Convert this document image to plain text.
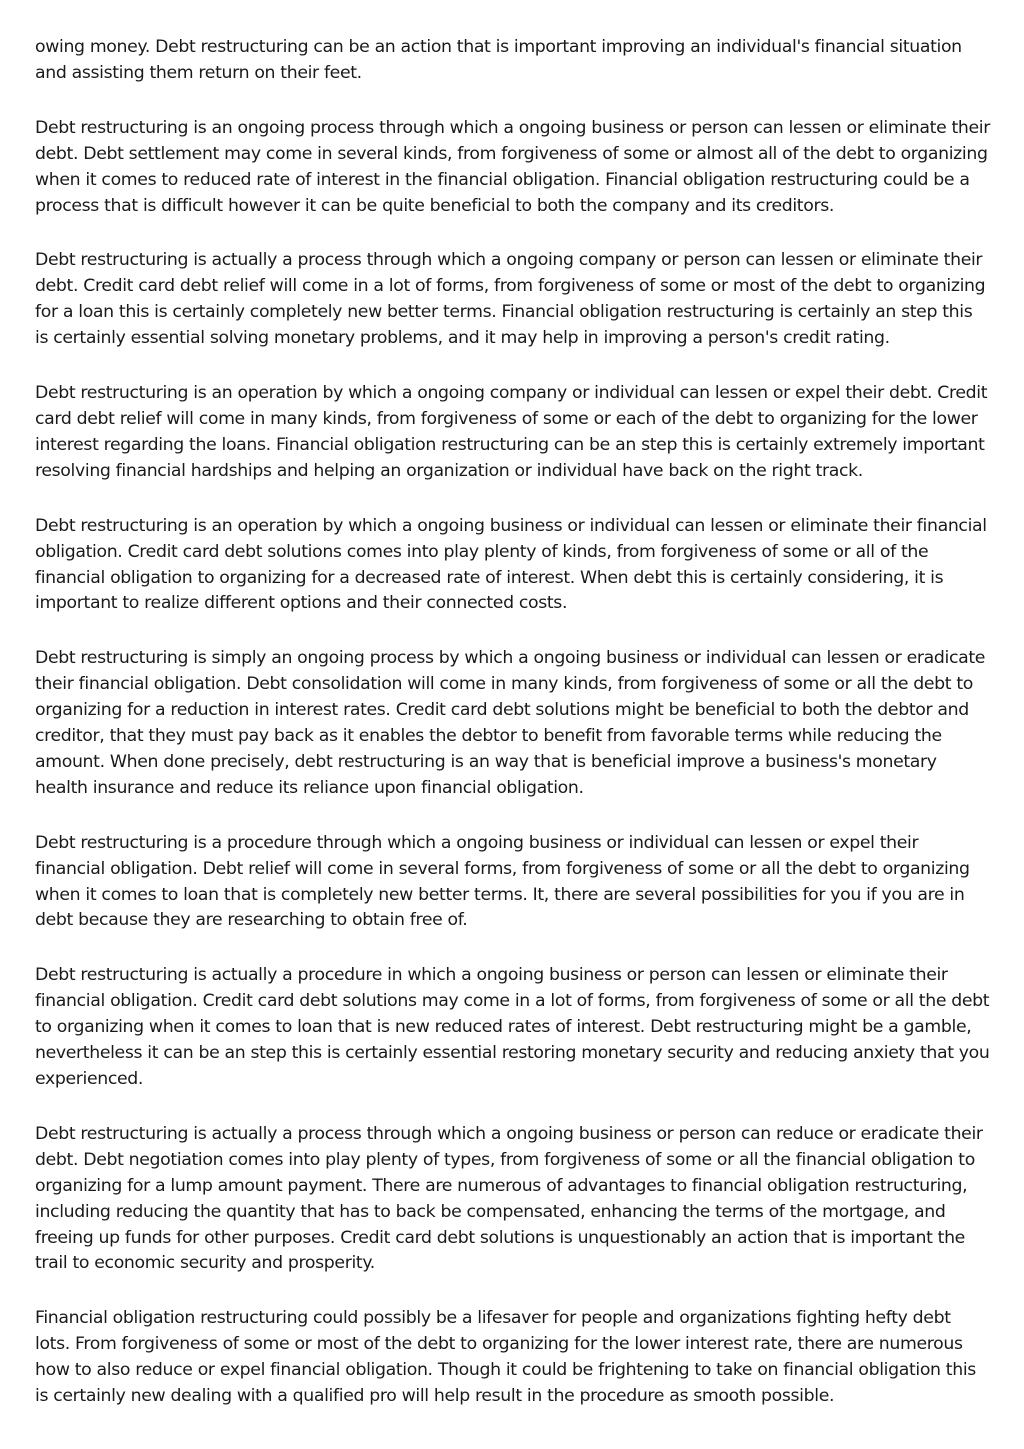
owing money. Debt restructuring can be an action that is important improving an individual's financial situation and assisting them return on their feet.

Debt restructuring is an ongoing process through which a ongoing business or person can lessen or eliminate their debt. Debt settlement may come in several kinds, from forgiveness of some or almost all of the debt to organizing when it comes to reduced rate of interest in the financial obligation. Financial obligation restructuring could be a process that is difficult however it can be quite beneficial to both the company and its creditors.

Debt restructuring is actually a process through which a ongoing company or person can lessen or eliminate their debt. Credit card debt relief will come in a lot of forms, from forgiveness of some or most of the debt to organizing for a loan this is certainly completely new better terms. Financial obligation restructuring is certainly an step this is certainly essential solving monetary problems, and it may help in improving a person's credit rating.

Debt restructuring is an operation by which a ongoing company or individual can lessen or expel their debt. Credit card debt relief will come in many kinds, from forgiveness of some or each of the debt to organizing for the lower interest regarding the loans. Financial obligation restructuring can be an step this is certainly extremely important resolving financial hardships and helping an organization or individual have back on the right track.

Debt restructuring is an operation by which a ongoing business or individual can lessen or eliminate their financial obligation. Credit card debt solutions comes into play plenty of kinds, from forgiveness of some or all of the financial obligation to organizing for a decreased rate of interest. When debt this is certainly considering, it is important to realize different options and their connected costs.

Debt restructuring is simply an ongoing process by which a ongoing business or individual can lessen or eradicate their financial obligation. Debt consolidation will come in many kinds, from forgiveness of some or all the debt to organizing for a reduction in interest rates. Credit card debt solutions might be beneficial to both the debtor and creditor, that they must pay back as it enables the debtor to benefit from favorable terms while reducing the amount. When done precisely, debt restructuring is an way that is beneficial improve a business's monetary health insurance and reduce its reliance upon financial obligation.

Debt restructuring is a procedure through which a ongoing business or individual can lessen or expel their financial obligation. Debt relief will come in several forms, from forgiveness of some or all the debt to organizing when it comes to loan that is completely new better terms. It, there are several possibilities for you if you are in debt because they are researching to obtain free of.

Debt restructuring is actually a procedure in which a ongoing business or person can lessen or eliminate their financial obligation. Credit card debt solutions may come in a lot of forms, from forgiveness of some or all the debt to organizing when it comes to loan that is new reduced rates of interest. Debt restructuring might be a gamble, nevertheless it can be an step this is certainly essential restoring monetary security and reducing anxiety that you experienced.

Debt restructuring is actually a process through which a ongoing business or person can reduce or eradicate their debt. Debt negotiation comes into play plenty of types, from forgiveness of some or all the financial obligation to organizing for a lump amount payment. There are numerous of advantages to financial obligation restructuring, including reducing the quantity that has to back be compensated, enhancing the terms of the mortgage, and freeing up funds for other purposes. Credit card debt solutions is unquestionably an action that is important the trail to economic security and prosperity.

Financial obligation restructuring could possibly be a lifesaver for people and organizations fighting hefty debt lots. From forgiveness of some or most of the debt to organizing for the lower interest rate, there are numerous how to also reduce or expel financial obligation. Though it could be frightening to take on financial obligation this is certainly new dealing with a qualified pro will help result in the procedure as smooth possible.
